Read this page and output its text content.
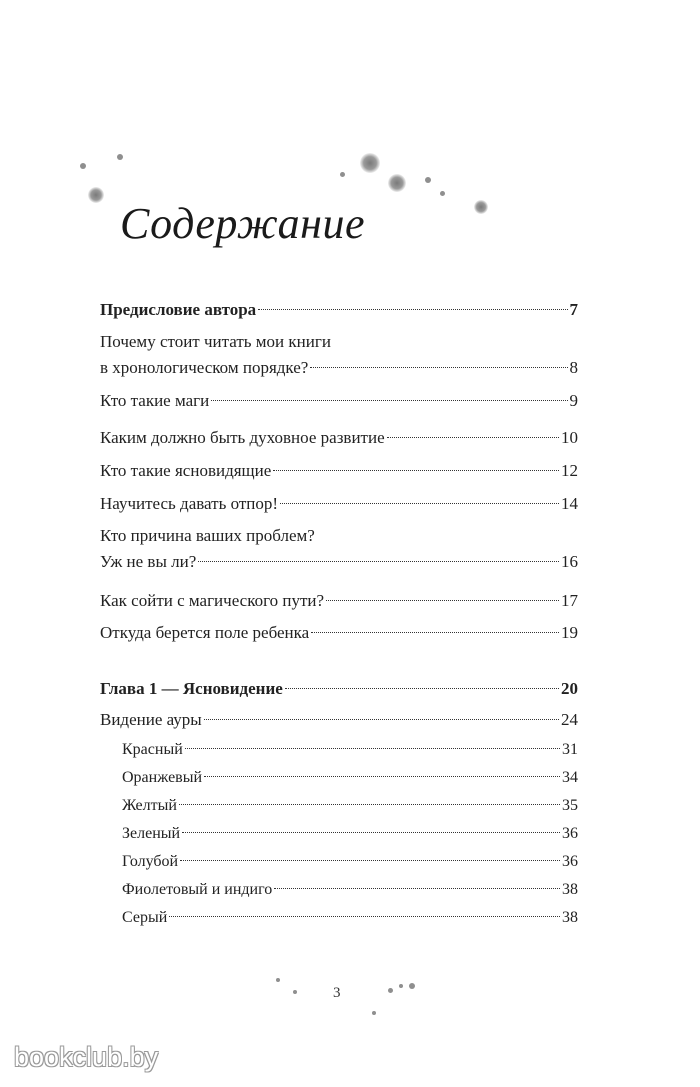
Содержание
Предисловие автора	7
Почему стоит читать мои книги
в хронологическом порядке?	8
Кто такие маги	9
Каким должно быть духовное развитие	10
Кто такие ясновидящие	12
Научитесь давать отпор!	14
Кто причина ваших проблем?
Уж не вы ли?	16
Как сойти с магического пути?	17
Откуда берется поле ребенка	19
Глава 1 — Ясновидение	20
Видение ауры	24
Красный	31
Оранжевый	34
Желтый	35
Зеленый	36
Голубой	36
Фиолетовый и индиго	38
Серый	38
3
bookclub.by
